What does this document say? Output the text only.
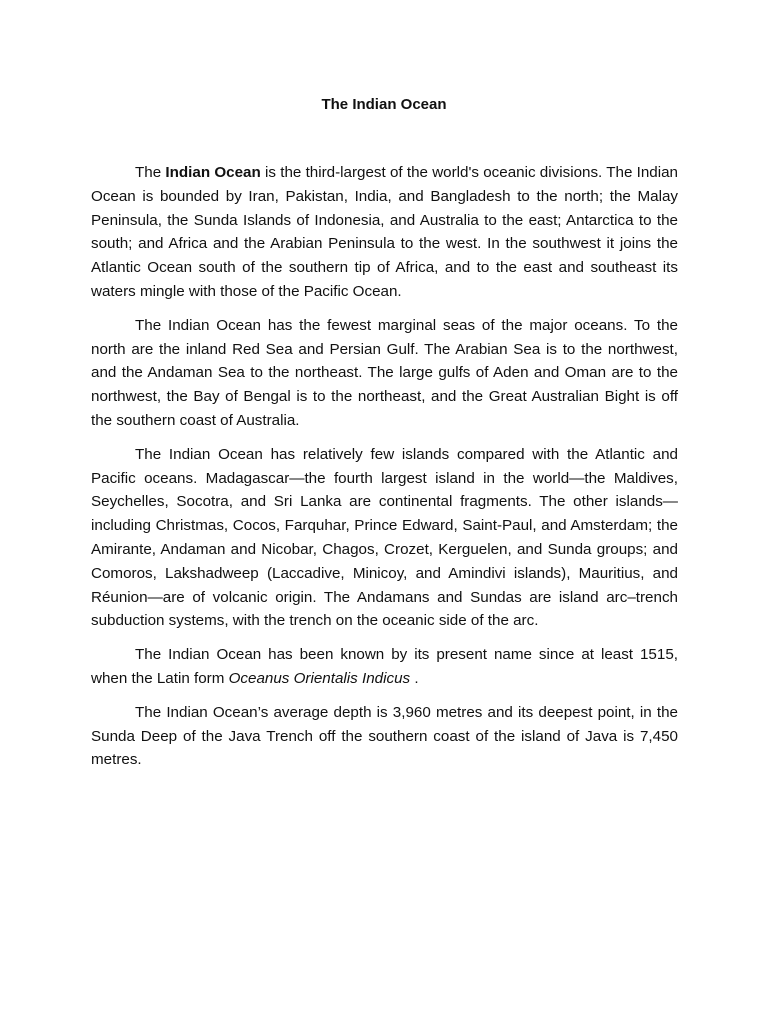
The Indian Ocean

The Indian Ocean is the third-largest of the world's oceanic divisions. The Indian Ocean is bounded by Iran, Pakistan, India, and Bangladesh to the north; the Malay Peninsula, the Sunda Islands of Indonesia, and Australia to the east; Antarctica to the south; and Africa and the Arabian Peninsula to the west. In the southwest it joins the Atlantic Ocean south of the southern tip of Africa, and to the east and southeast its waters mingle with those of the Pacific Ocean.

The Indian Ocean has the fewest marginal seas of the major oceans. To the north are the inland Red Sea and Persian Gulf. The Arabian Sea is to the northwest, and the Andaman Sea to the northeast. The large gulfs of Aden and Oman are to the northwest, the Bay of Bengal is to the northeast, and the Great Australian Bight is off the southern coast of Australia.

The Indian Ocean has relatively few islands compared with the Atlantic and Pacific oceans. Madagascar—the fourth largest island in the world—the Maldives, Seychelles, Socotra, and Sri Lanka are continental fragments. The other islands—including Christmas, Cocos, Farquhar, Prince Edward, Saint-Paul, and Amsterdam; the Amirante, Andaman and Nicobar, Chagos, Crozet, Kerguelen, and Sunda groups; and Comoros, Lakshadweep (Laccadive, Minicoy, and Amindivi islands), Mauritius, and Réunion—are of volcanic origin. The Andamans and Sundas are island arc–trench subduction systems, with the trench on the oceanic side of the arc.

The Indian Ocean has been known by its present name since at least 1515, when the Latin form Oceanus Orientalis Indicus .

The Indian Ocean’s average depth is 3,960 metres and its deepest point, in the Sunda Deep of the Java Trench off the southern coast of the island of Java is 7,450 metres.
